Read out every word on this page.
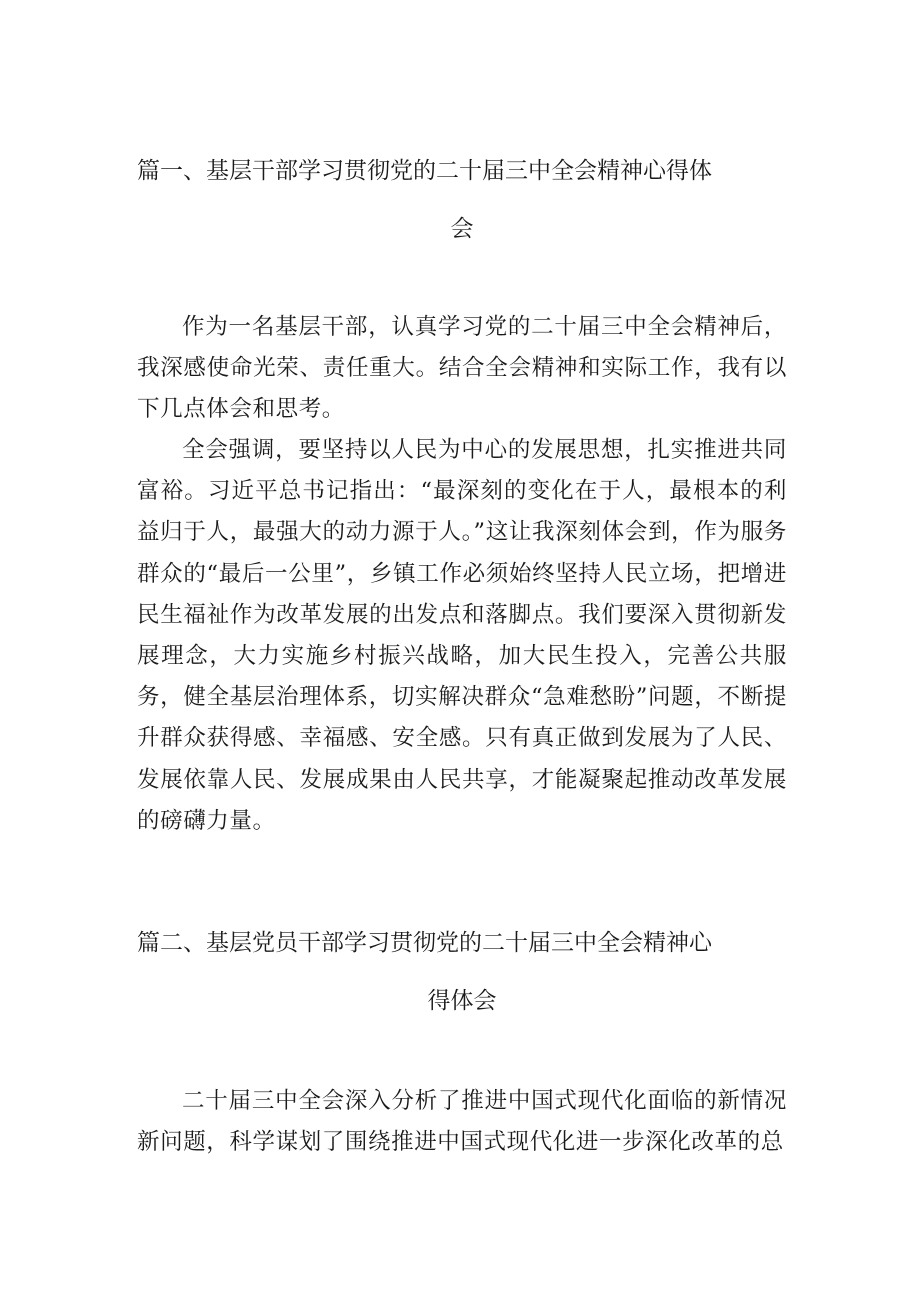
篇一、基层干部学习贯彻党的二十届三中全会精神心得体
会

作为一名基层干部，认真学习党的二十届三中全会精神后，我深感使命光荣、责任重大。结合全会精神和实际工作，我有以下几点体会和思考。

全会强调，要坚持以人民为中心的发展思想，扎实推进共同富裕。习近平总书记指出：“最深刻的变化在于人，最根本的利益归于人，最强大的动力源于人。”这让我深刻体会到，作为服务群众的“最后一公里”，乡镇工作必须始终坚持人民立场，把增进民生福祉作为改革发展的出发点和落脚点。我们要深入贯彻新发展理念，大力实施乡村振兴战略，加大民生投入，完善公共服务，健全基层治理体系，切实解决群众“急难愁盼”问题，不断提升群众获得感、幸福感、安全感。只有真正做到发展为了人民、发展依靠人民、发展成果由人民共享，才能凝聚起推动改革发展的磅礴力量。

篇二、基层党员干部学习贯彻党的二十届三中全会精神心
得体会

二十届三中全会深入分析了推进中国式现代化面临的新情况新问题，科学谋划了围绕推进中国式现代化进一步深化改革的总
